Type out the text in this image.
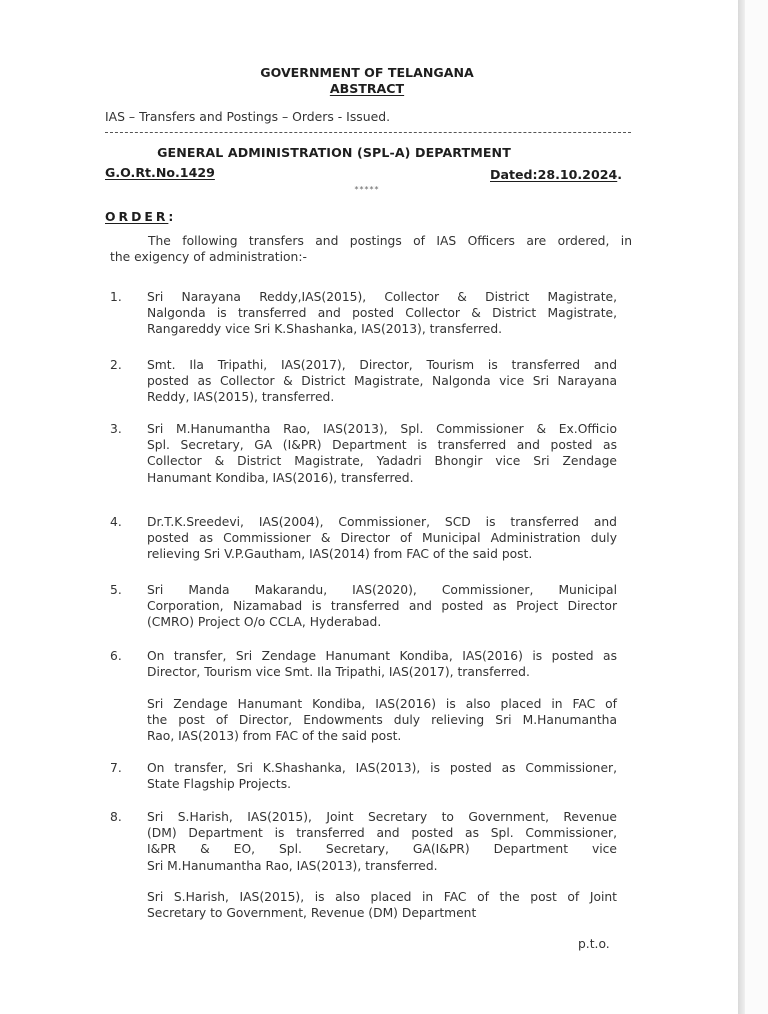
GOVERNMENT OF TELANGANA
ABSTRACT
IAS – Transfers and Postings – Orders - Issued.
GENERAL ADMINISTRATION (SPL-A) DEPARTMENT
G.O.Rt.No.1429	Dated:28.10.2024.
*****
ORDER:
The following transfers and postings of IAS Officers are ordered, in
the exigency of administration:-
1. Sri Narayana Reddy,IAS(2015), Collector & District Magistrate,
Nalgonda is transferred and posted Collector & District Magistrate,
Rangareddy vice Sri K.Shashanka, IAS(2013), transferred.
2. Smt. Ila Tripathi, IAS(2017), Director, Tourism is transferred and
posted as Collector & District Magistrate, Nalgonda vice Sri Narayana
Reddy, IAS(2015), transferred.
3. Sri M.Hanumantha Rao, IAS(2013), Spl. Commissioner & Ex.Officio
Spl. Secretary, GA (I&PR) Department is transferred and posted as
Collector & District Magistrate, Yadadri Bhongir vice Sri Zendage
Hanumant Kondiba, IAS(2016), transferred.
4. Dr.T.K.Sreedevi, IAS(2004), Commissioner, SCD is transferred and
posted as Commissioner & Director of Municipal Administration duly
relieving Sri V.P.Gautham, IAS(2014) from FAC of the said post.
5. Sri Manda Makarandu, IAS(2020), Commissioner, Municipal
Corporation, Nizamabad is transferred and posted as Project Director
(CMRO) Project O/o CCLA, Hyderabad.
6. On transfer, Sri Zendage Hanumant Kondiba, IAS(2016) is posted as
Director, Tourism vice Smt. Ila Tripathi, IAS(2017), transferred.
Sri Zendage Hanumant Kondiba, IAS(2016) is also placed in FAC of
the post of Director, Endowments duly relieving Sri M.Hanumantha
Rao, IAS(2013) from FAC of the said post.
7. On transfer, Sri K.Shashanka, IAS(2013), is posted as Commissioner,
State Flagship Projects.
8. Sri S.Harish, IAS(2015), Joint Secretary to Government, Revenue
(DM) Department is transferred and posted as Spl. Commissioner,
I&PR & EO, Spl. Secretary, GA(I&PR) Department vice
Sri M.Hanumantha Rao, IAS(2013), transferred.
Sri S.Harish, IAS(2015), is also placed in FAC of the post of Joint
Secretary to Government, Revenue (DM) Department
p.t.o.
